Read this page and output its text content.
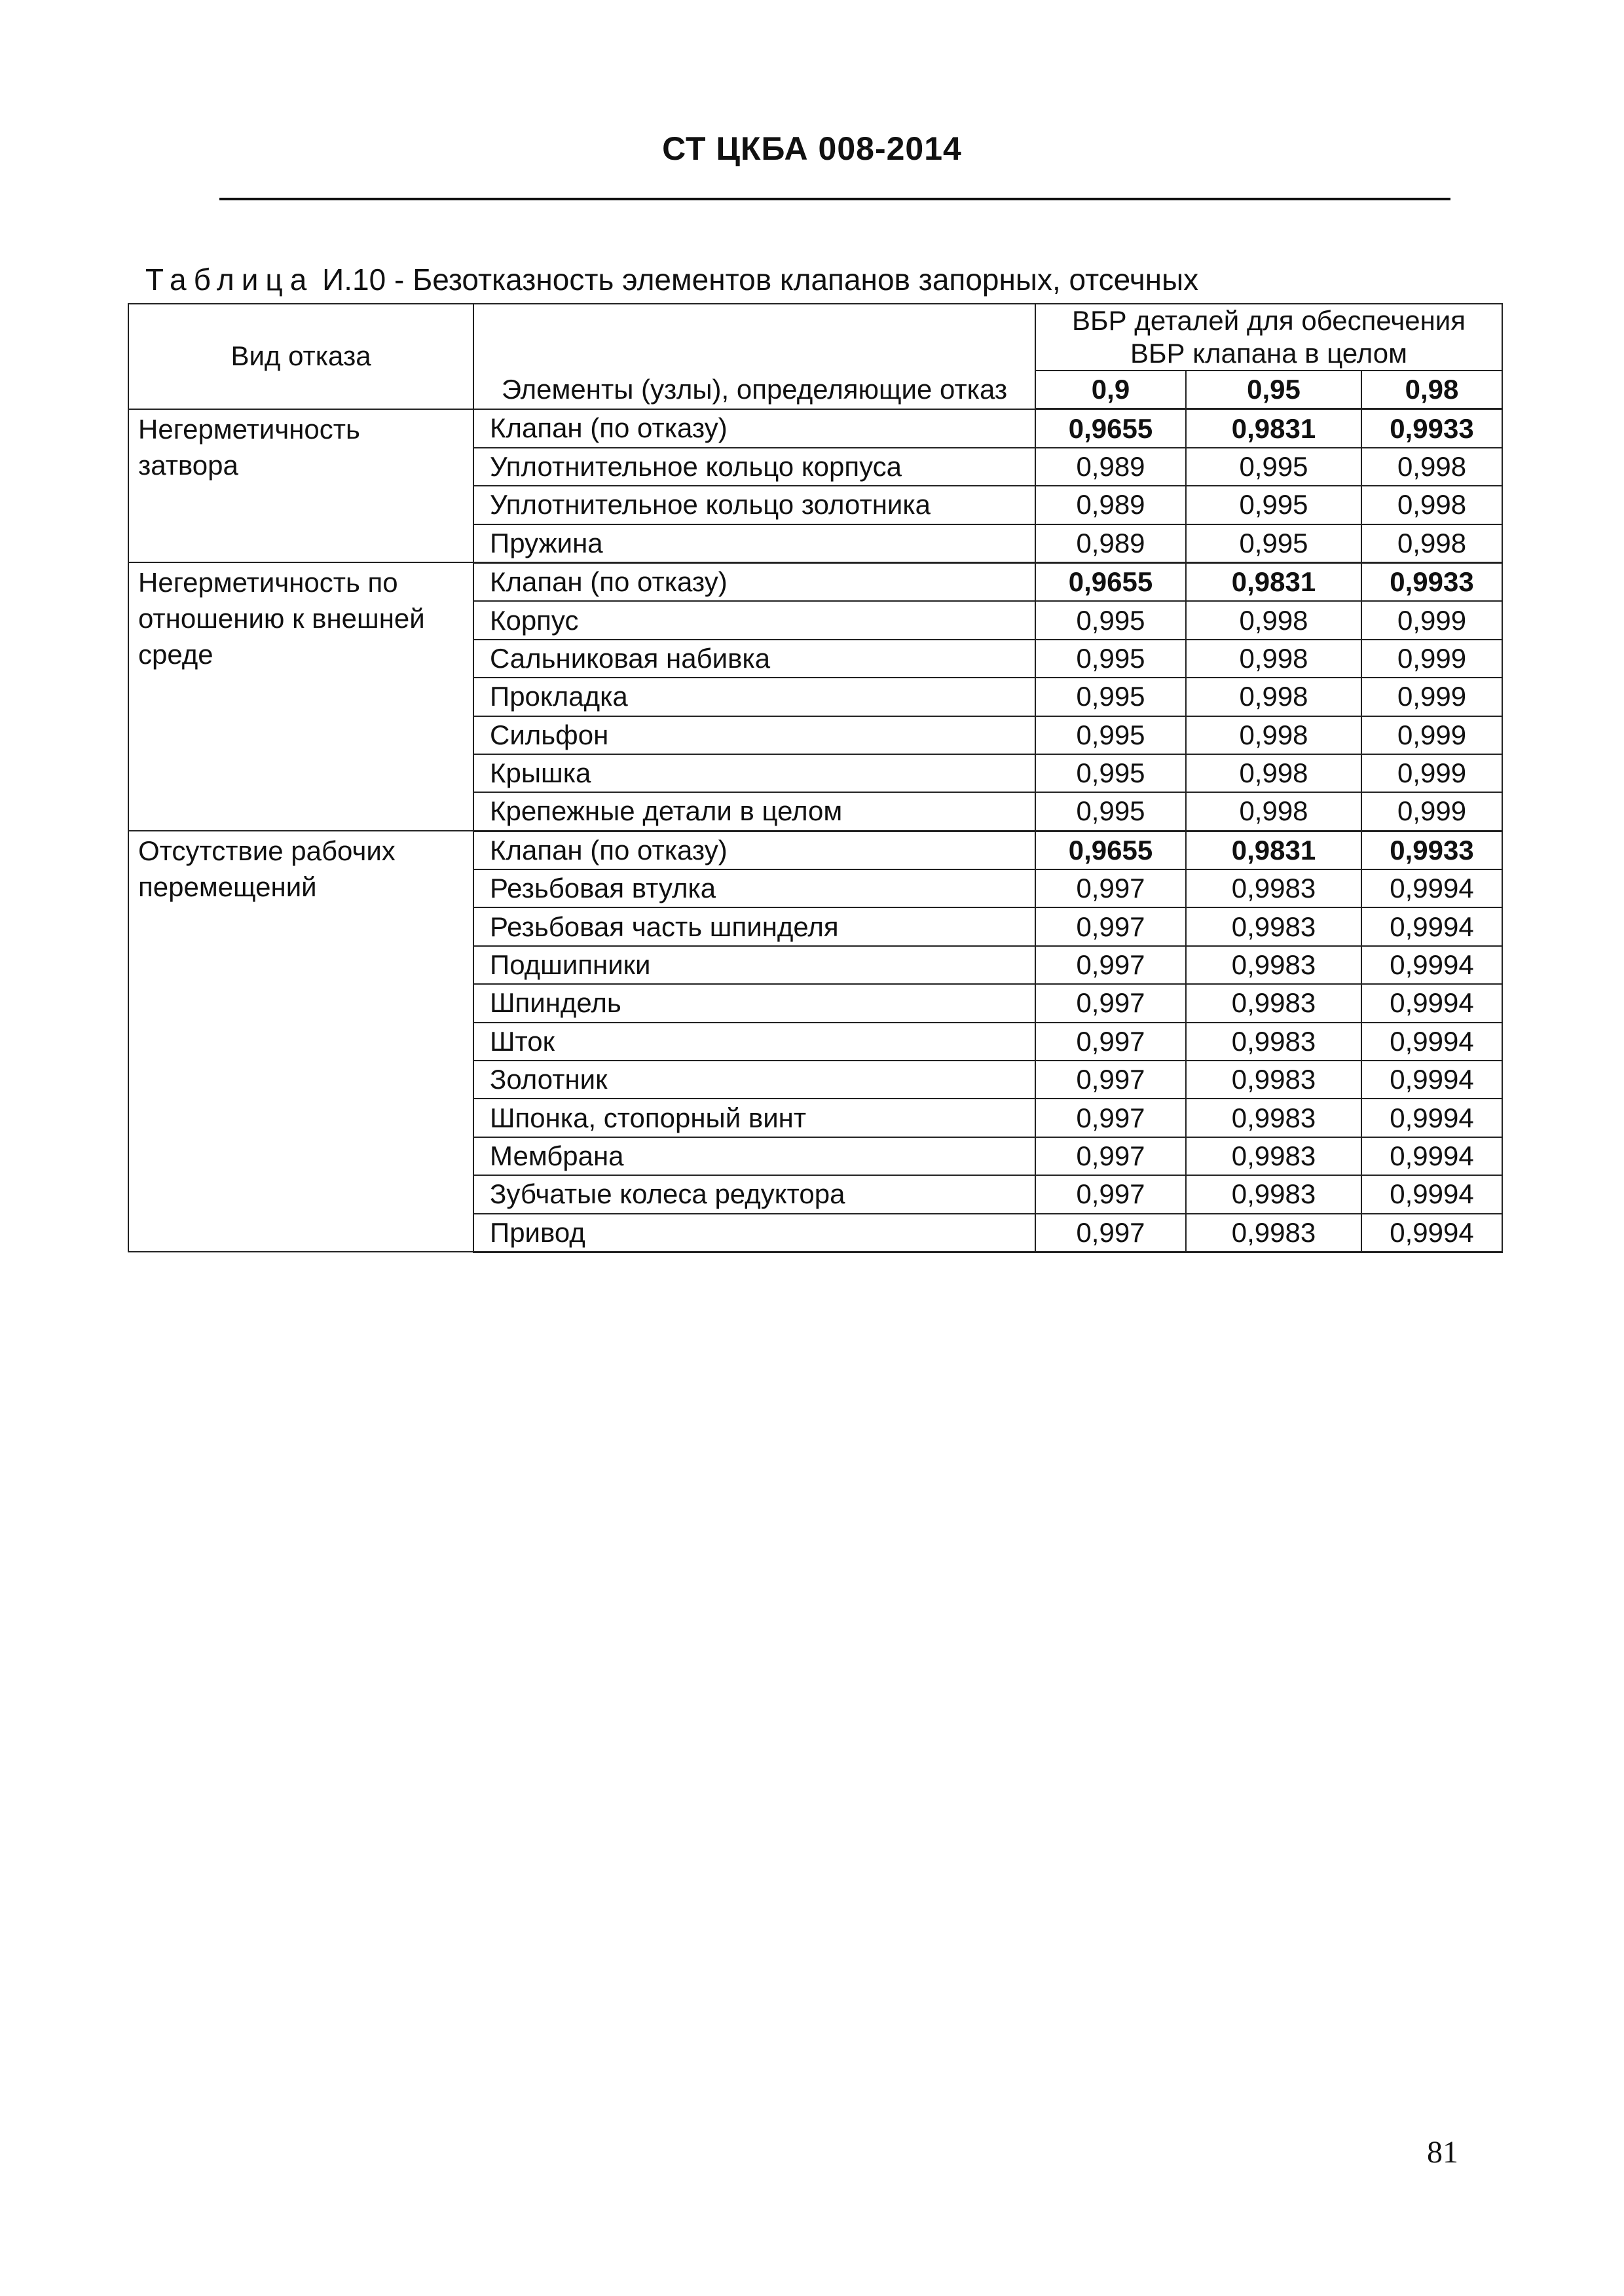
СТ ЦКБА 008-2014
Таблица И.10 - Безотказность элементов клапанов запорных, отсечных
Вид отказа	Элементы (узлы), определяющие отказ	ВБР деталей для обеспечения ВБР клапана в целом		
		0,9	0,95	0,98
Негерметичность затвора	Клапан (по отказу)	0,9655	0,9831	0,9933
	Уплотнительное кольцо корпуса	0,989	0,995	0,998
	Уплотнительное кольцо золотника	0,989	0,995	0,998
	Пружина	0,989	0,995	0,998
Негерметичность по отношению к внешней среде	Клапан (по отказу)	0,9655	0,9831	0,9933
	Корпус	0,995	0,998	0,999
	Сальниковая набивка	0,995	0,998	0,999
	Прокладка	0,995	0,998	0,999
	Сильфон	0,995	0,998	0,999
	Крышка	0,995	0,998	0,999
	Крепежные детали в целом	0,995	0,998	0,999
Отсутствие рабочих перемещений	Клапан (по отказу)	0,9655	0,9831	0,9933
	Резьбовая втулка	0,997	0,9983	0,9994
	Резьбовая часть шпинделя	0,997	0,9983	0,9994
	Подшипники	0,997	0,9983	0,9994
	Шпиндель	0,997	0,9983	0,9994
	Шток	0,997	0,9983	0,9994
	Золотник	0,997	0,9983	0,9994
	Шпонка, стопорный винт	0,997	0,9983	0,9994
	Мембрана	0,997	0,9983	0,9994
	Зубчатые колеса редуктора	0,997	0,9983	0,9994
	Привод	0,997	0,9983	0,9994
81
